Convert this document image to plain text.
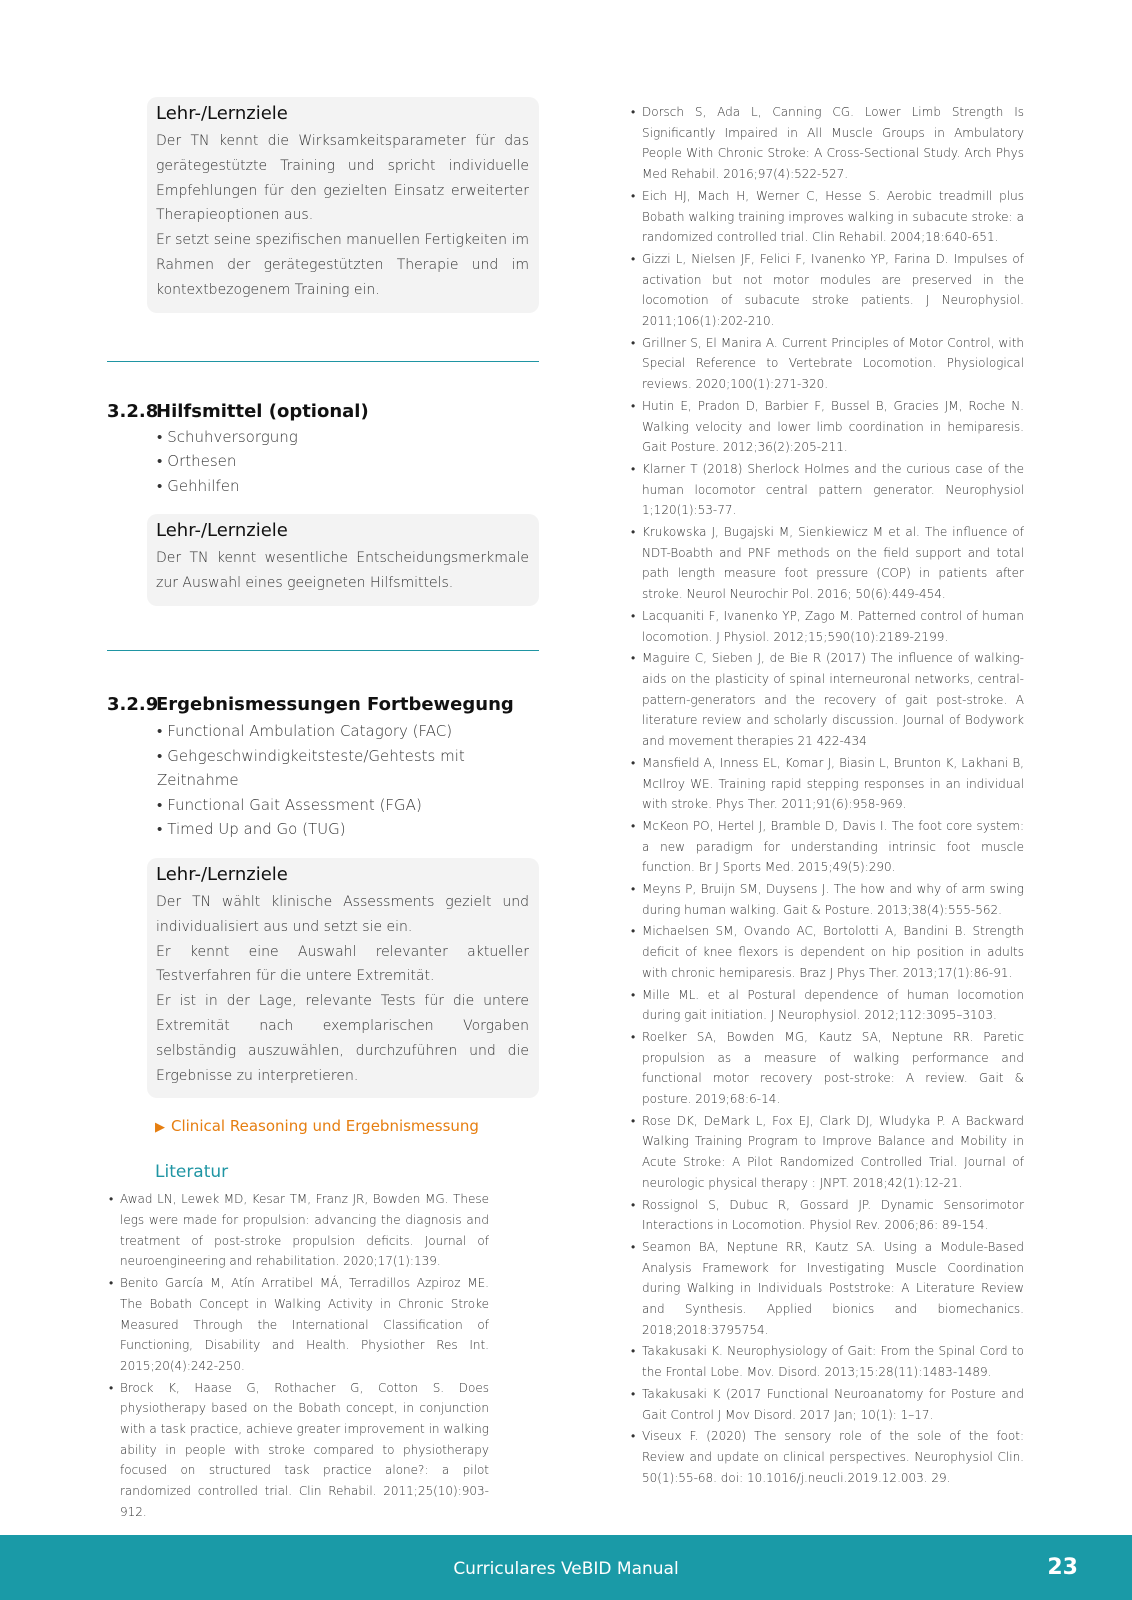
Lehr-/Lernziele

Der TN kennt die Wirksamkeitsparameter für das gerätegestützte Training und spricht individuelle Empfehlungen für den gezielten Einsatz erweiterter Therapieoptionen aus.

Er setzt seine spezifischen manuellen Fertigkeiten im Rahmen der gerätegestützten Therapie und im kontextbezogenem Training ein.

3.2.8Hilfsmittel (optional)
• Schuhversorgung
• Orthesen
• Gehhilfen
Lehr-/Lernziele

Der TN kennt wesentliche Entscheidungsmerkmale zur Auswahl eines geeigneten Hilfsmittels.

3.2.9Ergebnismessungen Fortbewegung
• Functional Ambulation Catagory (FAC)
• Gehgeschwindigkeitsteste/Gehtests mit Zeitnahme
• Functional Gait Assessment (FGA)
• Timed Up and Go (TUG)
Lehr-/Lernziele

Der TN wählt klinische Assessments gezielt und individualisiert aus und setzt sie ein.

Er kennt eine Auswahl relevanter aktueller Testverfahren für die untere Extremität.

Er ist in der Lage, relevante Tests für die untere Extremität nach exemplarischen Vorgaben selbständig auszuwählen, durchzuführen und die Ergebnisse zu interpretieren.

▶ Clinical Reasoning und Ergebnismessung
Literatur
• Awad LN, Lewek MD, Kesar TM, Franz JR, Bowden MG. These legs were made for propulsion: advancing the diagnosis and treatment of post-stroke propulsion deficits. Journal of neuroengineering and rehabilitation. 2020;17(1):139.
• Benito García M, Atín Arratibel MÁ, Terradillos Azpiroz ME. The Bobath Concept in Walking Activity in Chronic Stroke Measured Through the International Classification of Functioning, Disability and Health. Physiother Res Int. 2015;20(4):242-250.
• Brock K, Haase G, Rothacher G, Cotton S. Does physiotherapy based on the Bobath concept, in conjunction with a task practice, achieve greater improvement in walking ability in people with stroke compared to physiotherapy focused on structured task practice alone?: a pilot randomized controlled trial. Clin Rehabil. 2011;25(10):903-912.
• Dorsch S, Ada L, Canning CG. Lower Limb Strength Is Significantly Impaired in All Muscle Groups in Ambulatory People With Chronic Stroke: A Cross-Sectional Study. Arch Phys Med Rehabil. 2016;97(4):522-527.
• Eich HJ, Mach H, Werner C, Hesse S. Aerobic treadmill plus Bobath walking training improves walking in subacute stroke: a randomized controlled trial. Clin Rehabil. 2004;18:640-651.
• Gizzi L, Nielsen JF, Felici F, Ivanenko YP, Farina D. Impulses of activation but not motor modules are preserved in the locomotion of subacute stroke patients. J Neurophysiol. 2011;106(1):202-210.
• Grillner S, El Manira A. Current Principles of Motor Control, with Special Reference to Vertebrate Locomotion. Physiological reviews. 2020;100(1):271-320.
• Hutin E, Pradon D, Barbier F, Bussel B, Gracies JM, Roche N. Walking velocity and lower limb coordination in hemiparesis. Gait Posture. 2012;36(2):205-211.
• Klarner T (2018) Sherlock Holmes and the curious case of the human locomotor central pattern generator. Neurophysiol 1;120(1):53-77.
• Krukowska J, Bugajski M, Sienkiewicz M et al. The influence of NDT-Boabth and PNF methods on the field support and total path length measure foot pressure (COP) in patients after stroke. Neurol Neurochir Pol. 2016; 50(6):449-454.
• Lacquaniti F, Ivanenko YP, Zago M. Patterned control of human locomotion. J Physiol. 2012;15;590(10):2189-2199.
• Maguire C, Sieben J, de Bie R (2017) The influence of walking-aids on the plasticity of spinal interneuronal networks, central-pattern-generators and the recovery of gait post-stroke. A literature review and scholarly discussion. Journal of Bodywork and movement therapies 21 422-434
• Mansfield A, Inness EL, Komar J, Biasin L, Brunton K, Lakhani B, McIlroy WE. Training rapid stepping responses in an individual with stroke. Phys Ther. 2011;91(6):958-969.
• McKeon PO, Hertel J, Bramble D, Davis I. The foot core system: a new paradigm for understanding intrinsic foot muscle function. Br J Sports Med. 2015;49(5):290.
• Meyns P, Bruijn SM, Duysens J. The how and why of arm swing during human walking. Gait & Posture. 2013;38(4):555-562.
• Michaelsen SM, Ovando AC, Bortolotti A, Bandini B. Strength deficit of knee flexors is dependent on hip position in adults with chronic hemiparesis. Braz J Phys Ther. 2013;17(1):86-91.
• Mille ML. et al Postural dependence of human locomotion during gait initiation. J Neurophysiol. 2012;112:3095–3103.
• Roelker SA, Bowden MG, Kautz SA, Neptune RR. Paretic propulsion as a measure of walking performance and functional motor recovery post-stroke: A review. Gait & posture. 2019;68:6-14.
• Rose DK, DeMark L, Fox EJ, Clark DJ, Wludyka P. A Backward Walking Training Program to Improve Balance and Mobility in Acute Stroke: A Pilot Randomized Controlled Trial. Journal of neurologic physical therapy : JNPT. 2018;42(1):12-21.
• Rossignol S, Dubuc R, Gossard JP. Dynamic Sensorimotor Interactions in Locomotion. Physiol Rev. 2006;86: 89-154.
• Seamon BA, Neptune RR, Kautz SA. Using a Module-Based Analysis Framework for Investigating Muscle Coordination during Walking in Individuals Poststroke: A Literature Review and Synthesis. Applied bionics and biomechanics. 2018;2018:3795754.
• Takakusaki K. Neurophysiology of Gait: From the Spinal Cord to the Frontal Lobe. Mov. Disord. 2013;15:28(11):1483-1489.
• Takakusaki K (2017 Functional Neuroanatomy for Posture and Gait Control J Mov Disord. 2017 Jan; 10(1): 1–17.
• Viseux F. (2020) The sensory role of the sole of the foot: Review and update on clinical perspectives. Neurophysiol Clin. 50(1):55-68. doi: 10.1016/j.neucli.2019.12.003. 29.
Curriculares VeBID Manual	23
